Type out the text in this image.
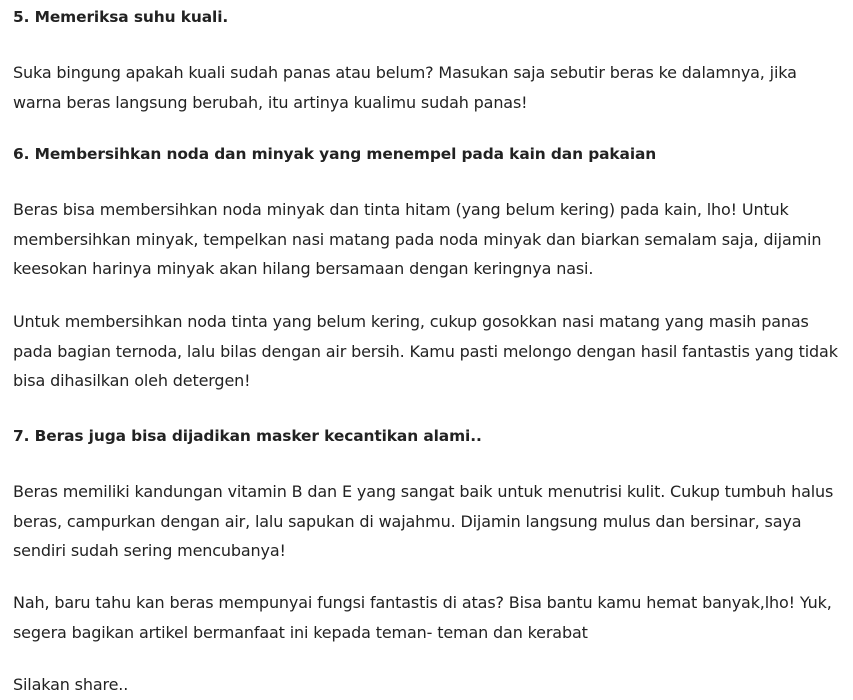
5. Memeriksa suhu kuali.

Suka bingung apakah kuali sudah panas atau belum? Masukan saja sebutir beras ke dalamnya, jika
warna beras langsung berubah, itu artinya kualimu sudah panas!

6. Membersihkan noda dan minyak yang menempel pada kain dan pakaian

Beras bisa membersihkan noda minyak dan tinta hitam (yang belum kering) pada kain, lho! Untuk
membersihkan minyak, tempelkan nasi matang pada noda minyak dan biarkan semalam saja, dijamin
keesokan harinya minyak akan hilang bersamaan dengan keringnya nasi.

Untuk membersihkan noda tinta yang belum kering, cukup gosokkan nasi matang yang masih panas
pada bagian ternoda, lalu bilas dengan air bersih. Kamu pasti melongo dengan hasil fantastis yang tidak
bisa dihasilkan oleh detergen!

7. Beras juga bisa dijadikan masker kecantikan alami..

Beras memiliki kandungan vitamin B dan E yang sangat baik untuk menutrisi kulit. Cukup tumbuh halus
beras, campurkan dengan air, lalu sapukan di wajahmu. Dijamin langsung mulus dan bersinar, saya
sendiri sudah sering mencubanya!

Nah, baru tahu kan beras mempunyai fungsi fantastis di atas? Bisa bantu kamu hemat banyak,lho! Yuk,
segera bagikan artikel bermanfaat ini kepada teman- teman dan kerabat

Silakan share..
